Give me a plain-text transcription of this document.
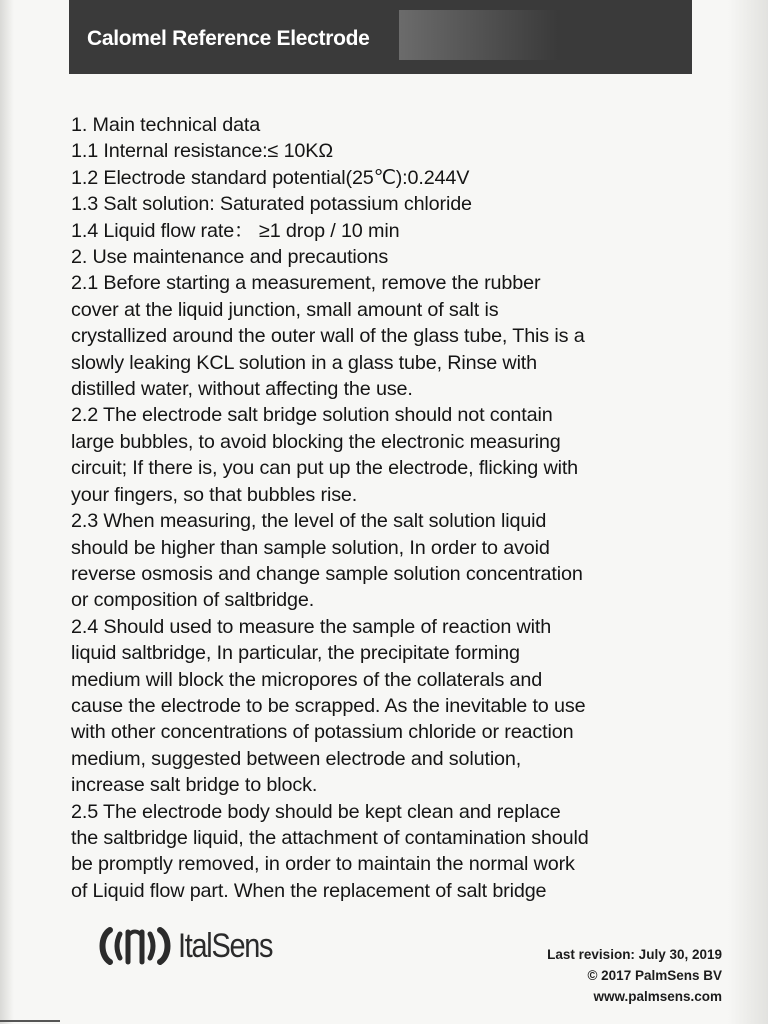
Calomel Reference Electrode
1. Main technical data
1.1 Internal resistance:≤ 10KΩ
1.2 Electrode standard potential(25℃):0.244V
1.3 Salt solution: Saturated potassium chloride
1.4 Liquid flow rate： ≥1 drop / 10 min
2. Use maintenance and precautions
2.1 Before starting a measurement, remove the rubber
cover at the liquid junction, small amount of salt is
crystallized around the outer wall of the glass tube, This is a
slowly leaking KCL solution in a glass tube, Rinse with
distilled water, without affecting the use.
2.2 The electrode salt bridge solution should not contain
large bubbles, to avoid blocking the electronic measuring
circuit; If there is, you can put up the electrode, flicking with
your fingers, so that bubbles rise.
2.3 When measuring, the level of the salt solution liquid
should be higher than sample solution, In order to avoid
reverse osmosis and change sample solution concentration
or composition of saltbridge.
2.4 Should used to measure the sample of reaction with
liquid saltbridge, In particular, the precipitate forming
medium will block the micropores of the collaterals and
cause the electrode to be scrapped. As the inevitable to use
with other concentrations of potassium chloride or reaction
medium, suggested between electrode and solution,
increase salt bridge to block.
2.5 The electrode body should be kept clean and replace
the saltbridge liquid, the attachment of contamination should
be promptly removed, in order to maintain the normal work
of Liquid flow part. When the replacement of salt bridge
ItalSens	Last revision: July 30, 2019
© 2017 PalmSens BV
www.palmsens.com
